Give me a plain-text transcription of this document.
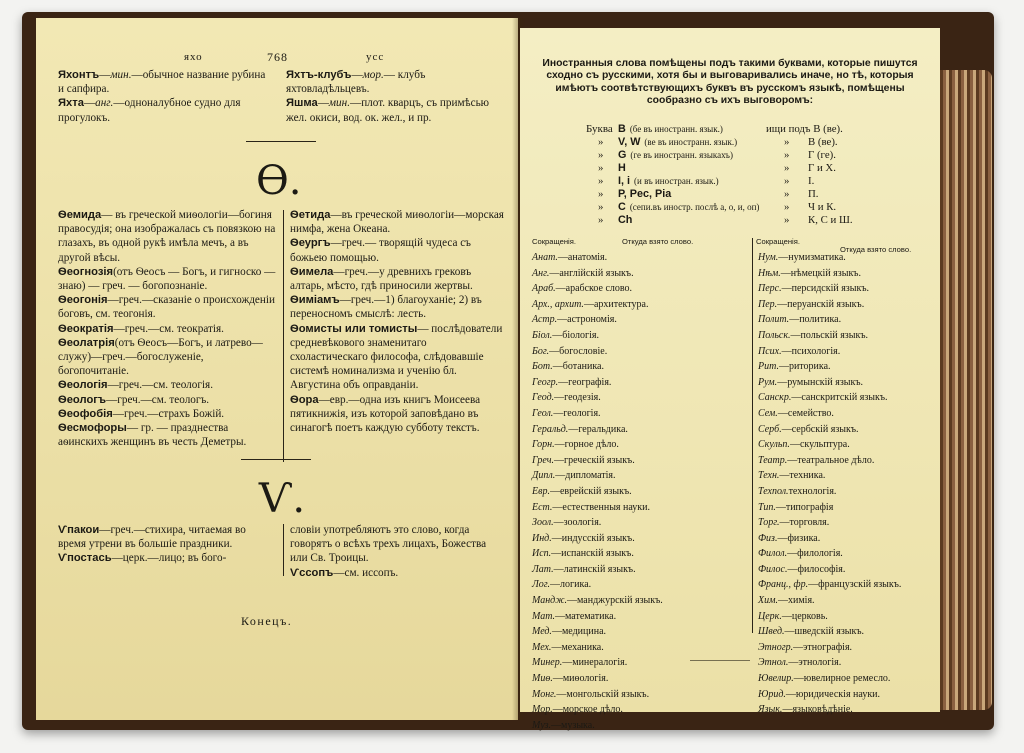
яхо	768	усс

Яхонтъ—мин.—обычное название рубина и сапфира.

Яхта—анг.—одноналубное судно для прогулокъ.

Яхтъ-клубъ—мор.— клубъ яхтовладѣльцевъ.

Яшма—мин.—плот. кварцъ, съ примѣсью жел. окиси, вод. ок. жел., и пр.

Ѳ.

Ѳемида— въ греческой миѳологіи—богиня правосудія; она изображалась съ повязкою на глазахъ, въ одной рукѣ имѣла мечъ, а въ другой вѣсы.

Ѳеогнозія(отъ Ѳеосъ — Богъ, и гигноско — знаю) — греч. — богопознаніе.

Ѳеогонія—греч.—сказаніе о происхожденіи боговъ, см. теогонія.

Ѳеократія—греч.—см. теократія.

Ѳеолатрія(отъ Ѳеосъ—Богъ, и латрево—служу)—греч.—богослуженіе, богопочитаніе.

Ѳеологія—греч.—см. теологія.

Ѳеологъ—греч.—см. теологъ.

Ѳеофобія—греч.—страхъ Божій.

Ѳесмофоры— гр. — празднества аѳинскихъ женщинъ въ честь Деметры.

Ѳетида—въ греческой миѳологіи—морская нимфа, жена Океана.

Ѳеургъ—греч.— творящій чудеса съ божьею помощью.

Ѳимела—греч.—у древнихъ грековъ алтарь, мѣсто, гдѣ приносили жертвы.

Ѳиміамъ—греч.—1) благоуханіе; 2) въ переносномъ смыслѣ: лесть.

Ѳомисты или томисты— послѣдователи средневѣкового знаменитаго схоластическаго философа, слѣдовавшіе системѣ номинализма и ученію бл. Августина объ оправданіи.

Ѳора—евр.—одна изъ книгъ Моисеева пятикнижія, изъ которой заповѣдано въ синагогѣ поетъ каждую субботу текстъ.

Ѵ.

Ѵпакои—греч.—стихира, читаемая во время утрени въ большіе праздники.

Ѵпостась—церк.—лицо; въ бого-

словіи употребляютъ это слово, когда говорятъ о всѣхъ трехъ лицахъ, Божества или Св. Троицы.

Ѵссопъ—см. иссопъ.

Конецъ.
Иностранныя слова помѣщены подъ такими буквами, которые пишутся сходно съ русскими, хотя бы и выговаривались иначе, но тѣ, которыя имѣютъ соотвѣтствующихъ буквъ въ русскомъ языкѣ, помѣщены сообразно съ ихъ выговоромъ:
Буква B (бе въ иностранн. язык.)	ищи подъ В (ве).
» V, W (ве въ иностранн. язык.)	» В (ве).
» G (ге въ иностранн. языкахъ)	» Г (ге).
» H	» Г и X.
» I, i (и въ иностран. язык.)	» І.
» P, Pec, Pia	» П.
» C (сепи.въ иностр. послѣ а, о, и, оп) » Ч и К.
» Ch	» К, С и Ш.
Сокращенія.	Откуда взято слово.	Сокращенія.
Откуда взято слово.
Анат.—анатомія.
Анг.—англійскій языкъ.
Араб.—арабское слово.
Арх., архит.—архитектура.
Астр.—астрономія.
Біол.—біологія.
Бог.—богословіе.
Бот.—ботаника.
Геогр.—географія.
Геод.—геодезія.
Геол.—геологія.
Геральд.—геральдика.
Горн.—горное дѣло.
Греч.—греческій языкъ.
Дипл.—дипломатія.
Евр.—еврейскій языкъ.
Ест.—естественныя науки.
Зоол.—зоологія.
Инд.—индусскій языкъ.
Исп.—испанскій языкъ.
Лат.—латинскій языкъ.
Лог.—логика.
Мандж.—манджурскій языкъ.
Мат.—математика.
Мед.—медицина.
Мех.—механика.
Минер.—минералогія.
Миѳ.—миѳологія.
Монг.—монгольскій языкъ.
Мор.—морское дѣло.
Муз.—музыка.
Нум.—нумизматика.
Нѣм.—нѣмецкій языкъ.
Перс.—персидскій языкъ.
Пер.—перуанскій языкъ.
Полит.—политика.
Польск.—польскій языкъ.
Псих.—психологія.
Рит.—риторика.
Рум.—румынскій языкъ.
Санскр.—санскритскій языкъ.
Сем.—семейство.
Серб.—сербскій языкъ.
Скульп.—скульптура.
Театр.—театральное дѣло.
Техн.—техника.
Техпол.технологія.
Тип.—типографія
Торг.—торговля.
Физ.—физика.
Филол.—филологія.
Филос.—философія.
Франц., фр.—французскій языкъ.
Хим.—химія.
Церк.—церковь.
Швед.—шведскій языкъ.
Этногр.—этнографія.
Этнол.—этнологія.
Ювелир.—ювелирное ремесло.
Юрид.—юридическія науки.
Язык.—языковѣдѣніе.
